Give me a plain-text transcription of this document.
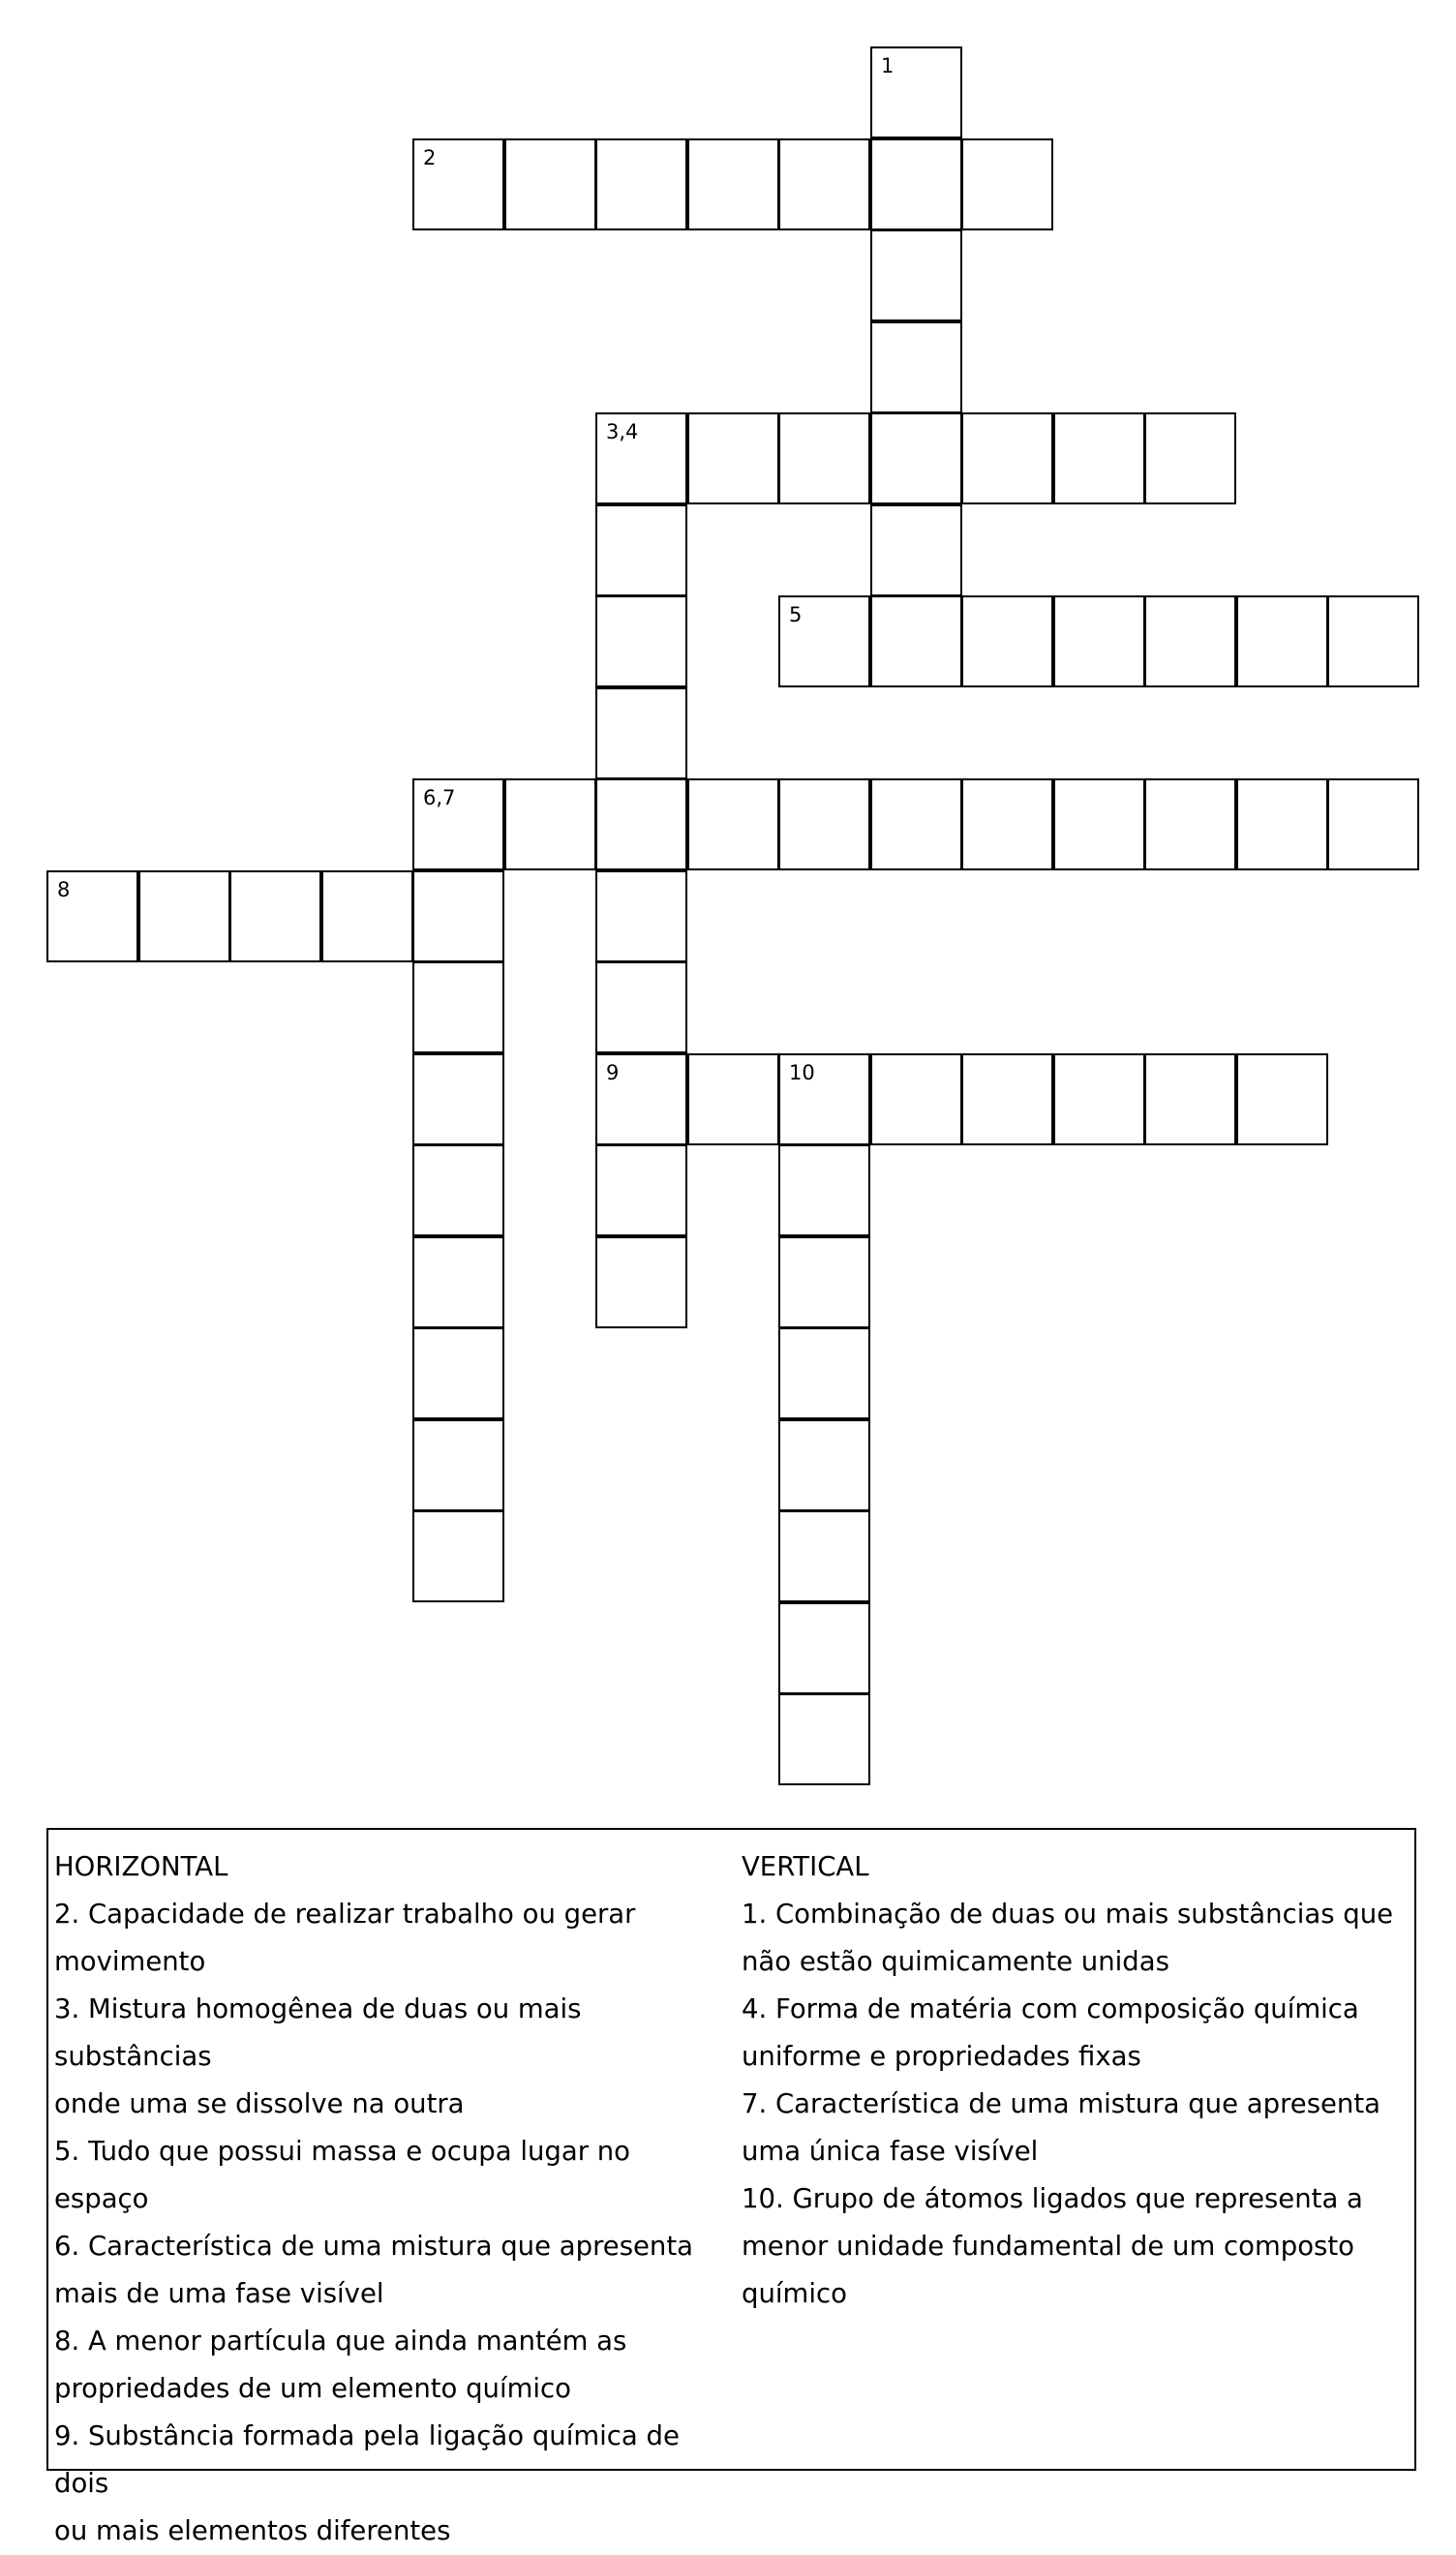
1
2
3,4
5
6,7
8
9	10
HORIZONTAL
2. Capacidade de realizar trabalho ou gerar
movimento
3. Mistura homogênea de duas ou mais substâncias
onde uma se dissolve na outra
5. Tudo que possui massa e ocupa lugar no espaço
6. Característica de uma mistura que apresenta
mais de uma fase visível
8. A menor partícula que ainda mantém as
propriedades de um elemento químico
9. Substância formada pela ligação química de dois
ou mais elementos diferentes
VERTICAL
1. Combinação de duas ou mais substâncias que
não estão quimicamente unidas
4. Forma de matéria com composição química
uniforme e propriedades fixas
7. Característica de uma mistura que apresenta
uma única fase visível
10. Grupo de átomos ligados que representa a
menor unidade fundamental de um composto
químico
